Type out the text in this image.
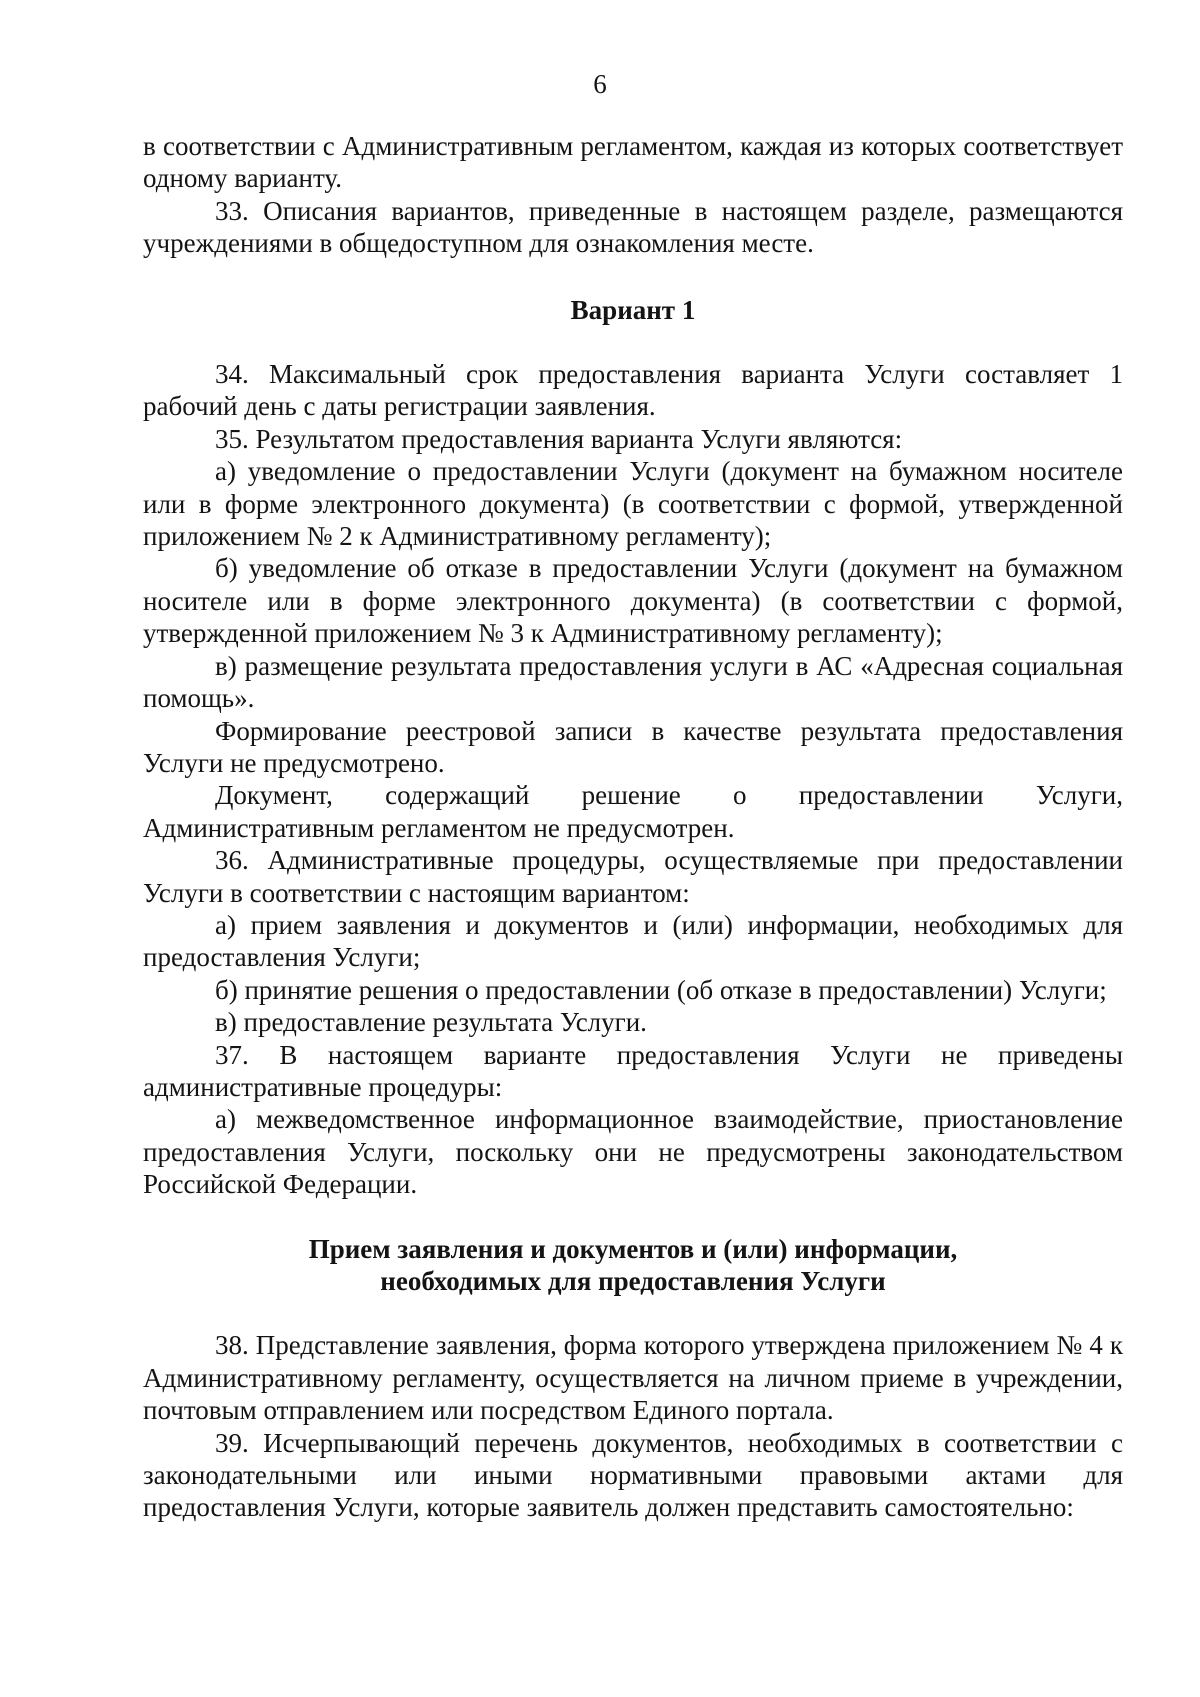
6

в соответствии с Административным регламентом, каждая из которых соответствует одному варианту.

33. Описания вариантов, приведенные в настоящем разделе, размещаются учреждениями в общедоступном для ознакомления месте.

Вариант 1

34. Максимальный срок предоставления варианта Услуги составляет 1 рабочий день с даты регистрации заявления.

35. Результатом предоставления варианта Услуги являются:

а) уведомление о предоставлении Услуги (документ на бумажном носителе или в форме электронного документа) (в соответствии с формой, утвержденной приложением № 2 к Административному регламенту);

б) уведомление об отказе в предоставлении Услуги (документ на бумажном носителе или в форме электронного документа) (в соответствии с формой, утвержденной приложением № 3 к Административному регламенту);

в) размещение результата предоставления услуги в АС «Адресная социальная помощь».

Формирование реестровой записи в качестве результата предоставления Услуги не предусмотрено.

Документ, содержащий решение о предоставлении Услуги, Административным регламентом не предусмотрен.

36. Административные процедуры, осуществляемые при предоставлении Услуги в соответствии с настоящим вариантом:

а) прием заявления и документов и (или) информации, необходимых для предоставления Услуги;

б) принятие решения о предоставлении (об отказе в предоставлении) Услуги;

в) предоставление результата Услуги.

37. В настоящем варианте предоставления Услуги не приведены административные процедуры:

а) межведомственное информационное взаимодействие, приостановление предоставления Услуги, поскольку они не предусмотрены законодательством Российской Федерации.

Прием заявления и документов и (или) информации,
необходимых для предоставления Услуги

38. Представление заявления, форма которого утверждена приложением № 4 к Административному регламенту, осуществляется на личном приеме в учреждении, почтовым отправлением или посредством Единого портала.

39. Исчерпывающий перечень документов, необходимых в соответствии с законодательными или иными нормативными правовыми актами для предоставления Услуги, которые заявитель должен представить самостоятельно:
